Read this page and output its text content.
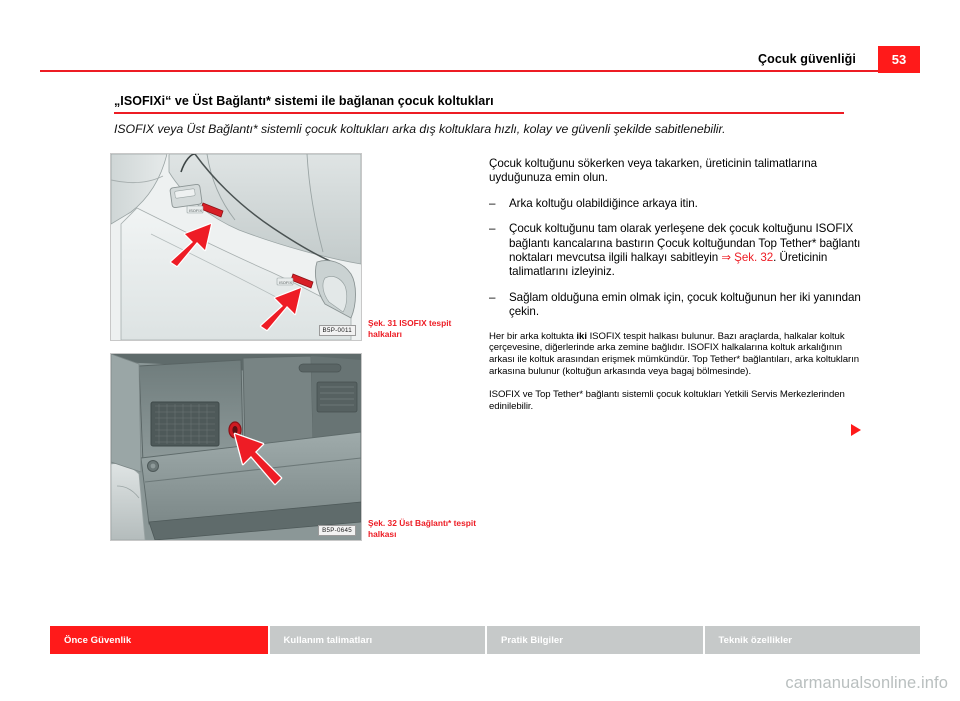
Çocuk güvenliği	53
„ISOFIXi“ ve Üst Bağlantı* sistemi ile bağlanan çocuk koltukları
ISOFIX veya Üst Bağlantı* sistemli çocuk koltukları arka dış koltuklara hızlı, kolay ve güvenli şekilde sabitlenebilir.
ISOFIX
ISOFIX
B5P-0011
Şek. 31 ISOFIX tespit halkaları
B5P-0645
Şek. 32 Üst Bağlantı* tespit halkası
Çocuk koltuğunu sökerken veya takarken, üreticinin talimatlarına uyduğunuza emin olun.
– Arka koltuğu olabildiğince arkaya itin.
– Çocuk koltuğunu tam olarak yerleşene dek çocuk koltuğunu ISOFIX bağlantı kancalarına bastırın Çocuk koltuğundan Top Tether* bağlantı noktaları mevcutsa ilgili halkayı sabitleyin ⇒ Şek. 32. Üreticinin talimatlarını izleyiniz.
– Sağlam olduğuna emin olmak için, çocuk koltuğunun her iki yanından çekin.
Her bir arka koltukta iki ISOFIX tespit halkası bulunur. Bazı araçlarda, halkalar koltuk çerçevesine, diğerlerinde arka zemine bağlıdır. ISOFIX halkalarına koltuk arkalığının arkası ile koltuk arasından erişmek mümkündür. Top Tether* bağlantıları, arka koltukların arkasına bulunur (koltuğun arkasında veya bagaj bölmesinde).
ISOFIX ve Top Tether* bağlantı sistemli çocuk koltukları Yetkili Servis Merkezlerinden edinilebilir.
Önce Güvenlik	Kullanım talimatları	Pratik Bilgiler	Teknik özellikler
carmanualsonline.info
